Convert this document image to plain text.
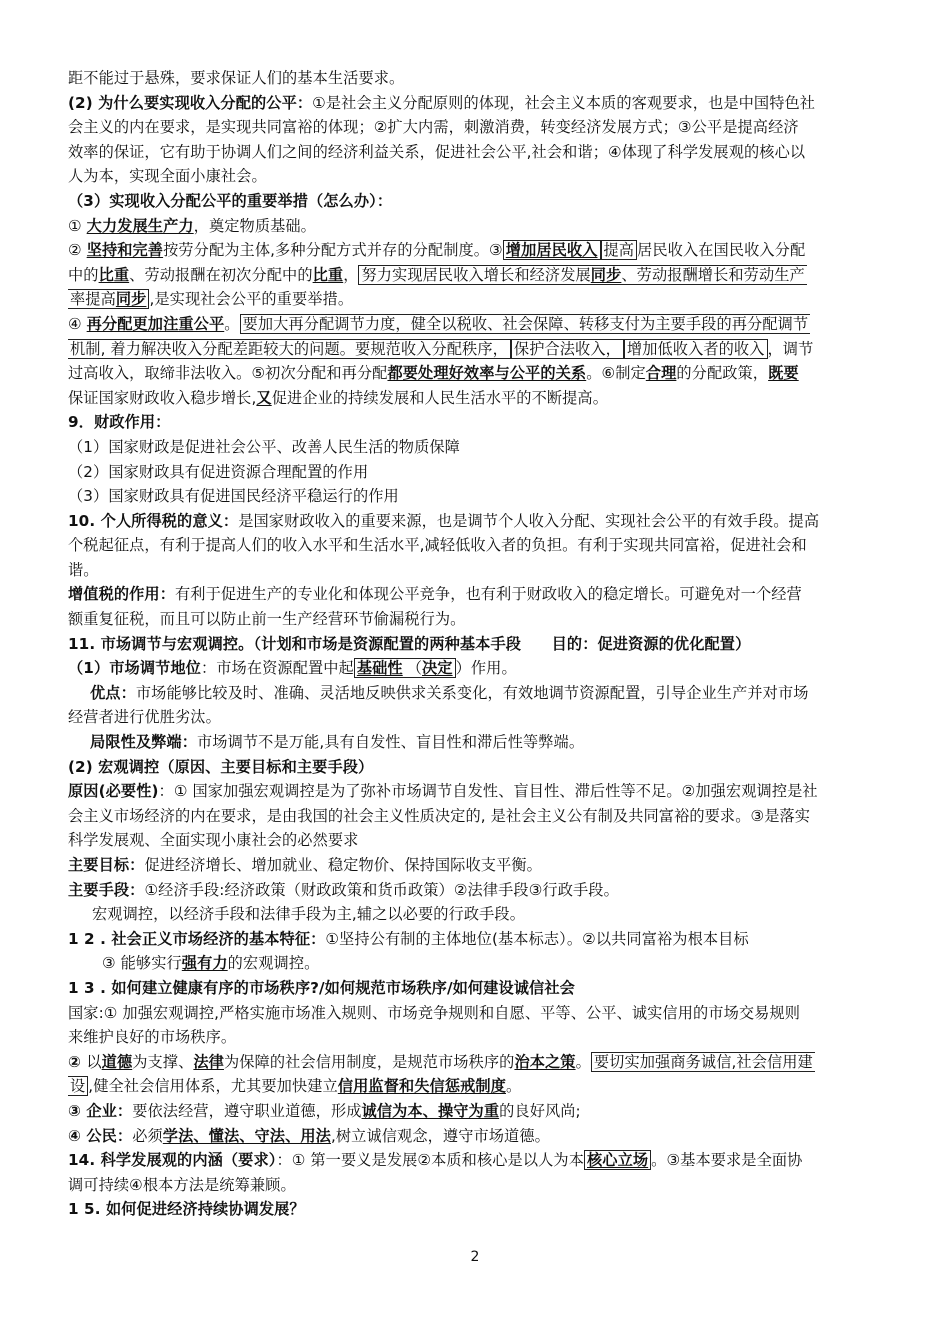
距不能过于悬殊，要求保证人们的基本生活要求。
(2) 为什么要实现收入分配的公平：①是社会主义分配原则的体现，社会主义本质的客观要求，也是中国特色社
会主义的内在要求，是实现共同富裕的体现；②扩大内需，刺激消费，转变经济发展方式；③公平是提高经济
效率的保证，它有助于协调人们之间的经济利益关系，促进社会公平,社会和谐；④体现了科学发展观的核心以
人为本，实现全面小康社会。
（3）实现收入分配公平的重要举措（怎么办）：
① 大力发展生产力，奠定物质基础。
② 坚持和完善按劳分配为主体,多种分配方式并存的分配制度。③ 增加居民收入 提高 居民收入在国民收入分配
中的比重、劳动报酬在初次分配中的比重， 努力实现居民收入增长和经济发展同步、劳动报酬增长和劳动生产
率提高同步 ,是实现社会公平的重要举措。
④ 再分配更加注重公平。 要加大再分配调节力度，健全以税收、社会保障、转移支付为主要手段的再分配调节
机制, 着力解决收入分配差距较大的问题。要规范收入分配秩序， 保护合法收入， 增加低收入者的收入 ，调节
过高收入，取缔非法收入。⑤初次分配和再分配都要处理好效率与公平的关系。⑥制定合理的分配政策，既要
保证国家财政收入稳步增长,又促进企业的持续发展和人民生活水平的不断提高。
9．财政作用：
（1）国家财政是促进社会公平、改善人民生活的物质保障
（2）国家财政具有促进资源合理配置的作用
（3）国家财政具有促进国民经济平稳运行的作用
10. 个人所得税的意义：是国家财政收入的重要来源，也是调节个人收入分配、实现社会公平的有效手段。提高
个税起征点，有利于提高人们的收入水平和生活水平,减轻低收入者的负担。有利于实现共同富裕，促进社会和
谐。
增值税的作用：有利于促进生产的专业化和体现公平竞争，也有利于财政收入的稳定增长。可避免对一个经营
额重复征税，而且可以防止前一生产经营环节偷漏税行为。
11. 市场调节与宏观调控。（计划和市场是资源配置的两种基本手段　　目的：促进资源的优化配置）
（1）市场调节地位：市场在资源配置中起 基础性 （决定 ）作用。
优点：市场能够比较及时、准确、灵活地反映供求关系变化，有效地调节资源配置，引导企业生产并对市场
经营者进行优胜劣汰。
局限性及弊端：市场调节不是万能,具有自发性、盲目性和滞后性等弊端。
(2) 宏观调控（原因、主要目标和主要手段）
原因(必要性)：① 国家加强宏观调控是为了弥补市场调节自发性、盲目性、滞后性等不足。②加强宏观调控是社
会主义市场经济的内在要求，是由我国的社会主义性质决定的, 是社会主义公有制及共同富裕的要求。③是落实
科学发展观、全面实现小康社会的必然要求
主要目标：促进经济增长、增加就业、稳定物价、保持国际收支平衡。
主要手段：①经济手段:经济政策（财政政策和货币政策）②法律手段③行政手段。
宏观调控，以经济手段和法律手段为主,辅之以必要的行政手段。
1 2 . 社会正义市场经济的基本特征：①坚持公有制的主体地位(基本标志）。②以共同富裕为根本目标
③ 能够实行强有力的宏观调控。
1 3 . 如何建立健康有序的市场秩序?/如何规范市场秩序/如何建设诚信社会
国家:① 加强宏观调控,严格实施市场准入规则、市场竞争规则和自愿、平等、公平、诚实信用的市场交易规则
来维护良好的市场秩序。
② 以道德为支撑、法律为保障的社会信用制度，是规范市场秩序的治本之策。 要切实加强商务诚信,社会信用建
设 ,健全社会信用体系，尤其要加快建立信用监督和失信惩戒制度。
③ 企业：要依法经营，遵守职业道德，形成诚信为本、操守为重的良好风尚;
④ 公民：必须学法、懂法、守法、用法,树立诚信观念，遵守市场道德。
14. 科学发展观的内涵（要求）：① 第一要义是发展②本质和核心是以人为本 核心立场 。③基本要求是全面协
调可持续④根本方法是统筹兼顾。
1 5. 如何促进经济持续协调发展？
2
